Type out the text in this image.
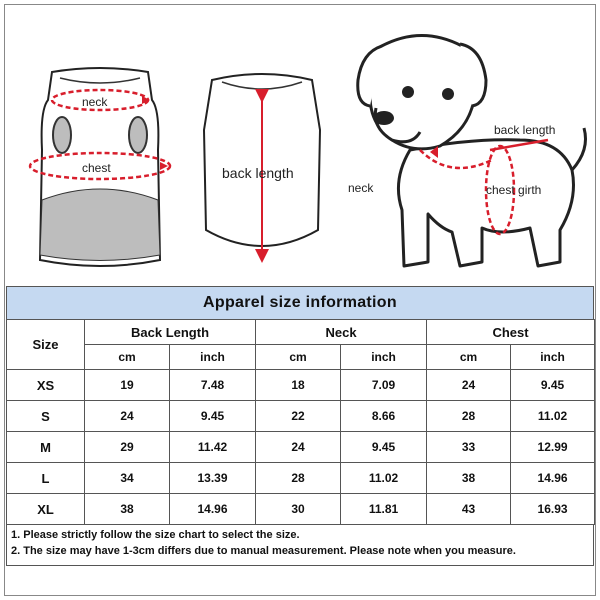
neck
chest	back length
back length
neck	chest girth
Apparel size information
Size	Back Length		Neck		Chest	
	cm	inch	cm	inch	cm	inch
XS	19	7.48	18	7.09	24	9.45
S	24	9.45	22	8.66	28	11.02
M	29	11.42	24	9.45	33	12.99
L	34	13.39	28	11.02	38	14.96
XL	38	14.96	30	11.81	43	16.93
1. Please strictly follow the size chart to select the size.
2. The size may have 1-3cm differs due to manual measurement. Please note when you measure.
